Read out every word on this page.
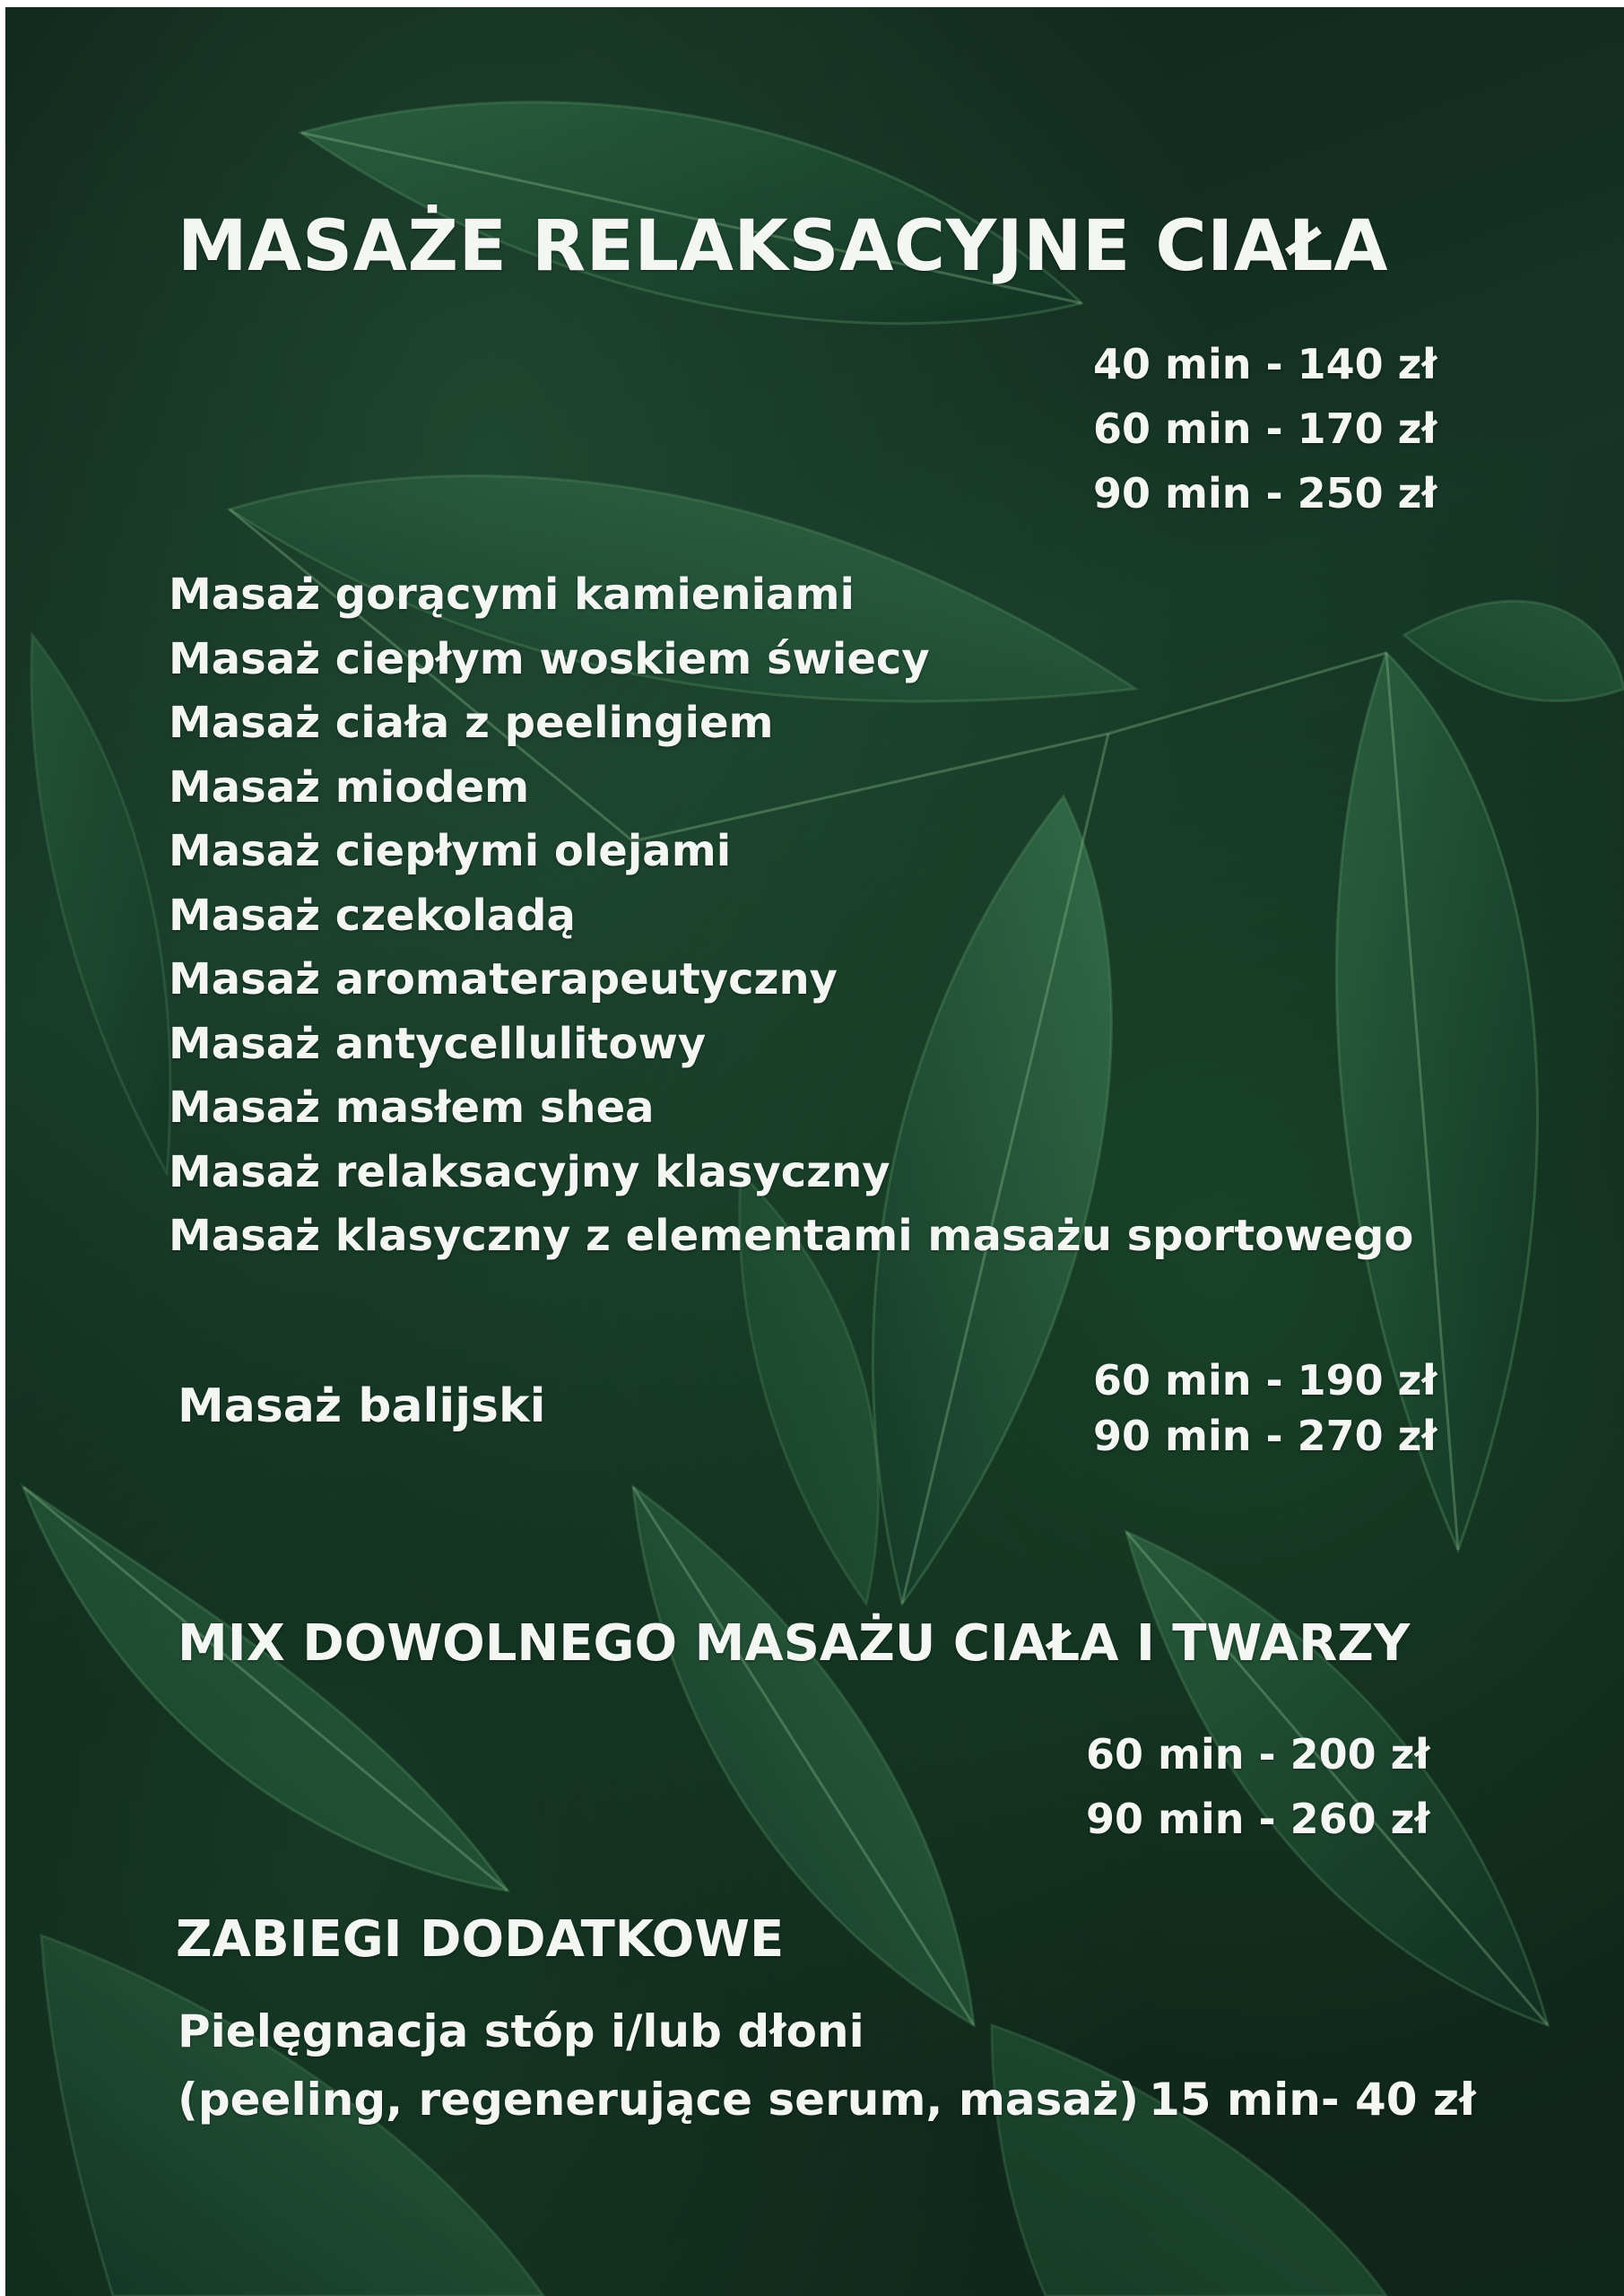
MASAŻE RELAKSACYJNE CIAŁA
40 min - 140 zł
60 min - 170 zł
90 min - 250 zł
Masaż gorącymi kamieniami
Masaż ciepłym woskiem świecy
Masaż ciała z peelingiem
Masaż miodem
Masaż ciepłymi olejami
Masaż czekoladą
Masaż aromaterapeutyczny
Masaż antycellulitowy
Masaż masłem shea
Masaż relaksacyjny klasyczny
Masaż klasyczny z elementami masażu sportowego
Masaż balijski	60 min - 190 zł
90 min - 270 zł
MIX DOWOLNEGO MASAŻU CIAŁA I TWARZY
60 min - 200 zł
90 min - 260 zł
ZABIEGI DODATKOWE
Pielęgnacja stóp i/lub dłoni
(peeling, regenerujące serum, masaż) 15 min- 40 zł
